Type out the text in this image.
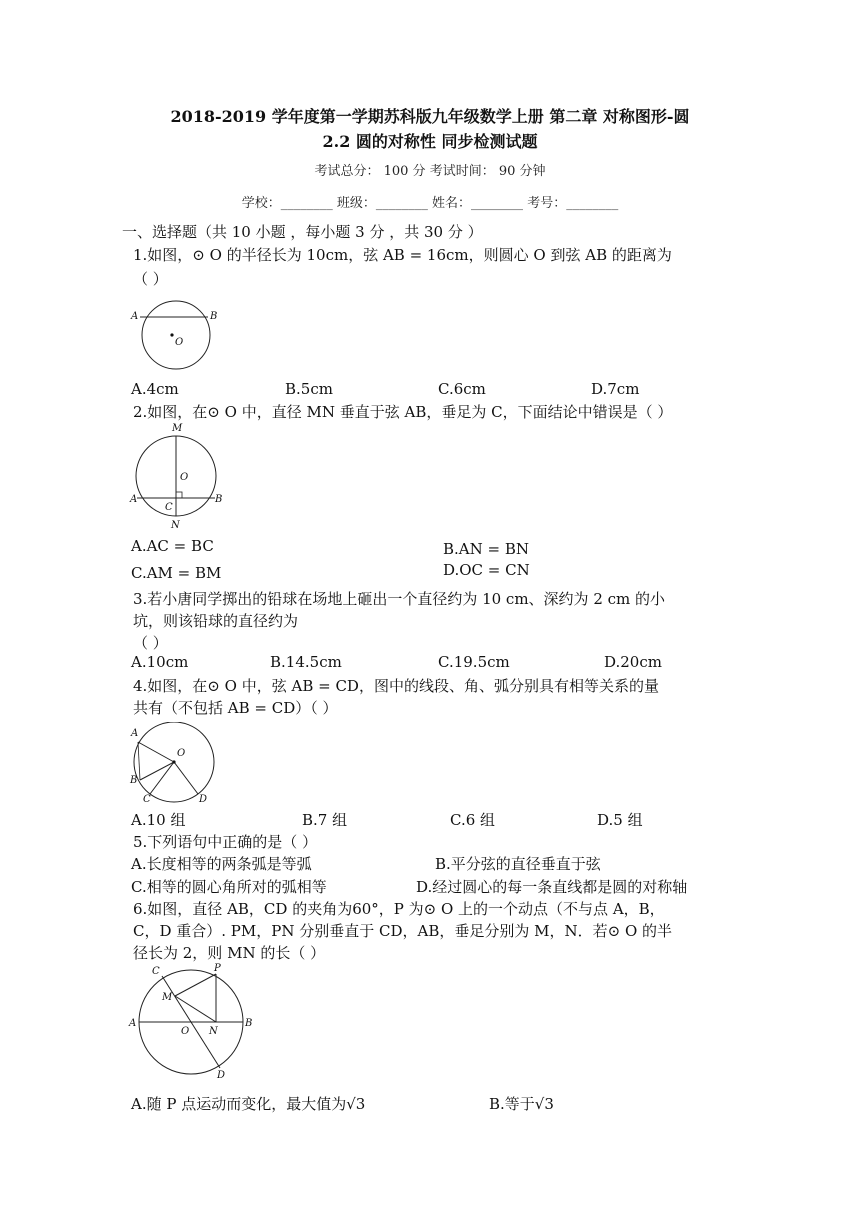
2018-2019 学年度第一学期苏科版九年级数学上册 第二章 对称图形-圆
2.2 圆的对称性 同步检测试题
考试总分： 100 分 考试时间： 90 分钟
学校：________ 班级：________ 姓名：________ 考号：________
一、选择题（共 10 小题 ，每小题 3 分 ，共 30 分 ）
1.如图，⊙ O 的半径长为 10cm，弦 AB = 16cm，则圆心 O 到弦 AB 的距离为
（ ）
A	B
O
A.4cm	B.5cm	C.6cm	D.7cm
2.如图，在⊙ O 中，直径 MN 垂直于弦 AB，垂足为 C，下面结论中错误是（ ）
M
O
A
C
B
N
A.AC = BC	B.AN = BN
C.AM = BM	D.OC = CN
3.若小唐同学掷出的铅球在场地上砸出一个直径约为 10 cm、深约为 2 cm 的小
坑，则该铅球的直径约为
（ ）
A.10cm	B.14.5cm	C.19.5cm	D.20cm
4.如图，在⊙ O 中，弦 AB = CD，图中的线段、角、弧分别具有相等关系的量
共有（不包括 AB = CD）（ ）
A
O
B
C	D
A.10 组	B.7 组	C.6 组	D.5 组
5.下列语句中正确的是（ ）
A.长度相等的两条弧是等弧	B.平分弦的直径垂直于弦
C.相等的圆心角所对的弧相等	D.经过圆心的每一条直线都是圆的对称轴
6.如图，直径 AB，CD 的夹角为60°，P 为⊙ O 上的一个动点（不与点 A，B，
C，D 重合）. PM，PN 分别垂直于 CD，AB，垂足分别为 M，N．若⊙ O 的半
径长为 2，则 MN 的长（ ）
C	P
M
A
O N
B
D
A.随 P 点运动而变化，最大值为√3	B.等于√3
